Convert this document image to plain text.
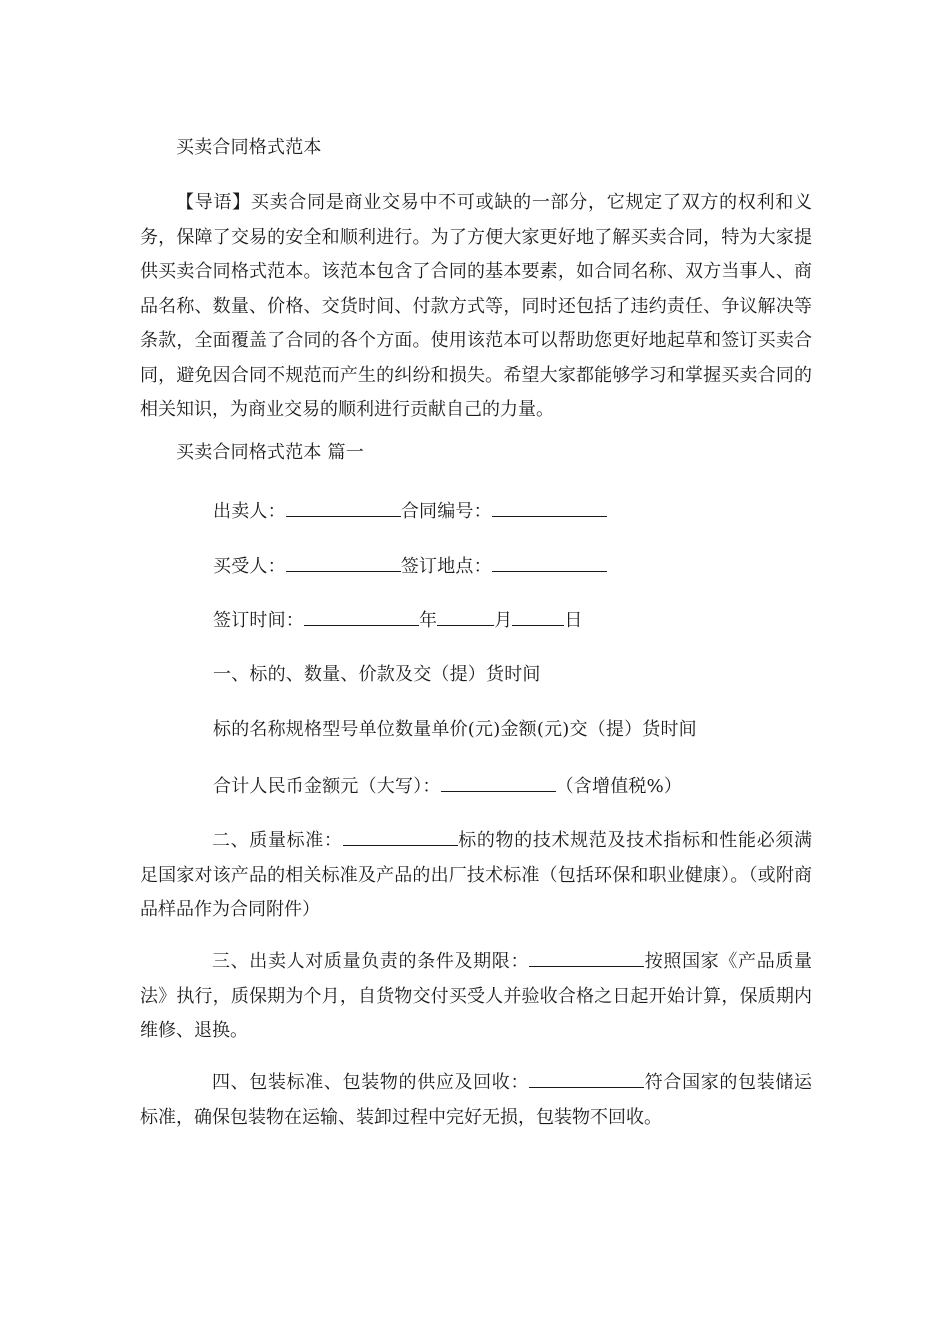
买卖合同格式范本
【导语】买卖合同是商业交易中不可或缺的一部分，它规定了双方的权利和义务，保障了交易的安全和顺利进行。为了方便大家更好地了解买卖合同，特为大家提供买卖合同格式范本。该范本包含了合同的基本要素，如合同名称、双方当事人、商品名称、数量、价格、交货时间、付款方式等，同时还包括了违约责任、争议解决等条款，全面覆盖了合同的各个方面。使用该范本可以帮助您更好地起草和签订买卖合同，避免因合同不规范而产生的纠纷和损失。希望大家都能够学习和掌握买卖合同的相关知识，为商业交易的顺利进行贡献自己的力量。
买卖合同格式范本 篇一
出卖人：	合同编号：
买受人：	签订地点：
签订时间：	年	月	日
一、标的、数量、价款及交（提）货时间
标的名称规格型号单位数量单价(元)金额(元)交（提）货时间
合计人民币金额元（大写）：	（含增值税%）
二、质量标准：	标的物的技术规范及技术指标和性能必须满足国家对该产品的相关标准及产品的出厂技术标准（包括环保和职业健康）。（或附商品样品作为合同附件）
三、出卖人对质量负责的条件及期限：	按照国家《产品质量法》执行，质保期为个月，自货物交付买受人并验收合格之日起开始计算，保质期内维修、退换。
四、包装标准、包装物的供应及回收：	符合国家的包装储运标准，确保包装物在运输、装卸过程中完好无损，包装物不回收。
